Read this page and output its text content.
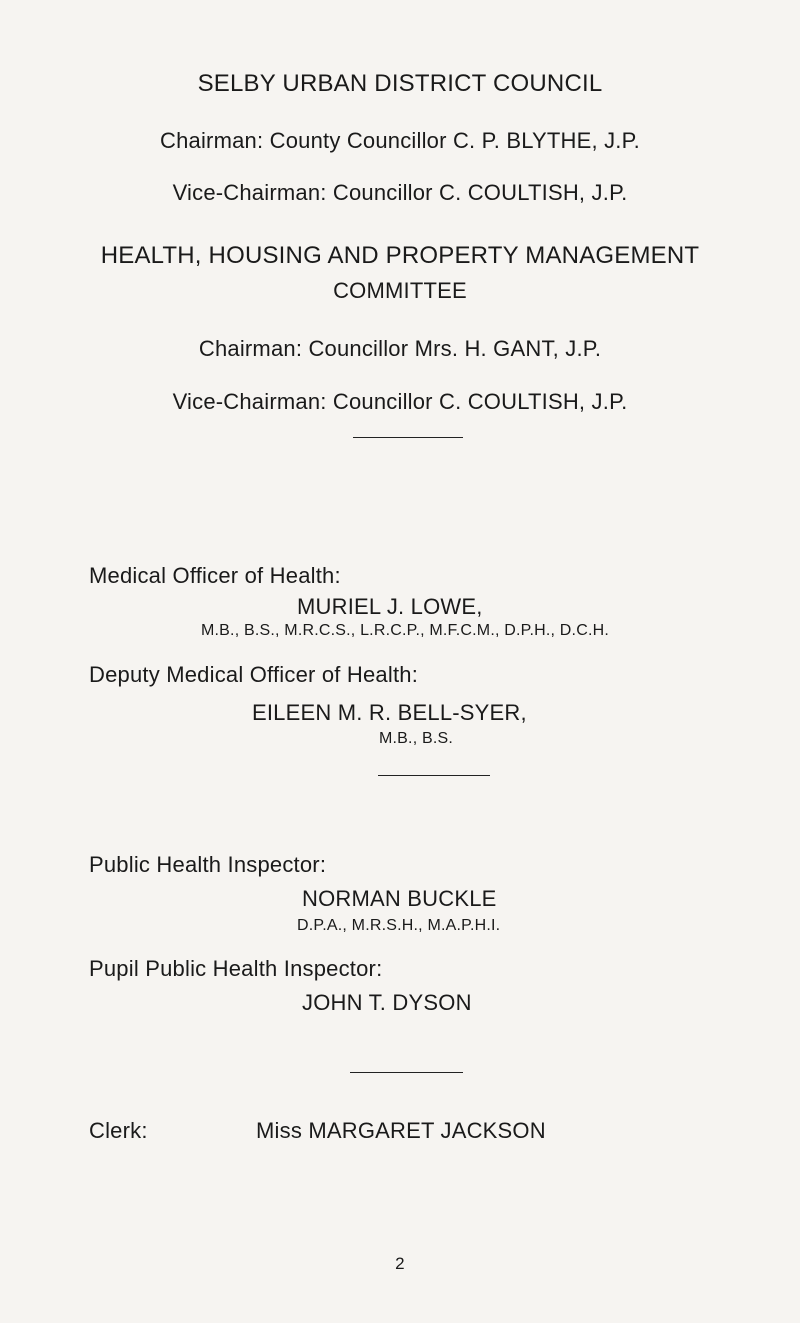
SELBY URBAN DISTRICT COUNCIL
Chairman: County Councillor C. P. BLYTHE, J.P.
Vice-Chairman: Councillor C. COULTISH, J.P.
HEALTH, HOUSING AND PROPERTY MANAGEMENT
COMMITTEE
Chairman: Councillor Mrs. H. GANT, J.P.
Vice-Chairman: Councillor C. COULTISH, J.P.
Medical Officer of Health:
MURIEL J. LOWE,
M.B., B.S., M.R.C.S., L.R.C.P., M.F.C.M., D.P.H., D.C.H.
Deputy Medical Officer of Health:
EILEEN M. R. BELL-SYER,
M.B., B.S.
Public Health Inspector:
NORMAN BUCKLE
D.P.A., M.R.S.H., M.A.P.H.I.
Pupil Public Health Inspector:
JOHN T. DYSON
Clerk:	Miss MARGARET JACKSON
2
